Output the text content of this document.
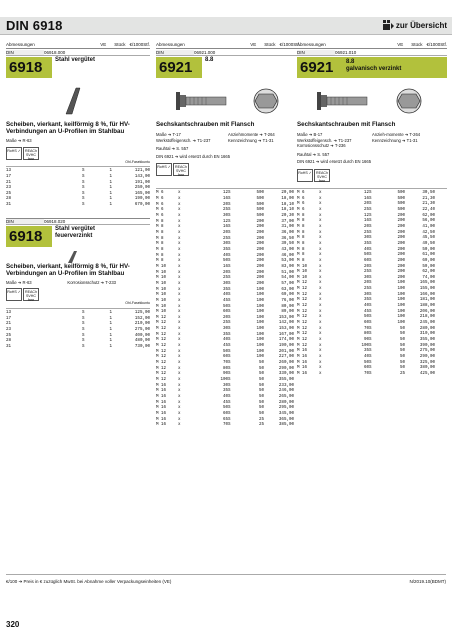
DIN 6918	zur Übersicht
Abmessungen	VE Stück €/1000Stf.
DIN	06918.000
6918	Stahl vergütet
Scheiben, vierkant, keilförmig 8 %, für HV-Verbindungen an U-Profilen im Stahlbau
Maße ➔ R-63
RoHS ✓	REACh SVHC free
Ohl-Fasekkuntu
13	S	1	121,00
17	S	1	143,00
21	S	1	191,00
23	S	1	250,00
25	S	1	165,00
28	S	1	190,00
31	S	1	670,00
DIN	06918.020
6918	Stahl vergütet feuerverzinkt
Scheiben, vierkant, keilförmig 8 %, für HV-Verbindungen an U-Profilen im Stahlbau
Maße ➔ R-63	Korrosionsschutz ➔ T-233
RoHS ✓	REACh SVHC free
Ohl-Fasekkuntu
13	S	1	125,00
17	S	1	152,00
21	S	1	210,00
23	S	1	275,00
25	S	1	400,00
28	S	1	480,00
31	S	1	730,00
Abmessungen	VE Stück €/1000Stf.
DIN	06921.000
6921	8.8
Sechskantschrauben mit Flansch
Maße ➔ T-17	Anziehmomente ➔ T-264
Werkstoffeigensch. ➔ T1-237	Kennzeichnung ➔ T1-31
Rauhtal ➔ S. 557
DIN 6921 ➔ wird ersetzt durch EN 1665
RoHS ✓	REACh SVHC free
M 6	x	12 S	500	20,00
M 6	x	16 S	500	18,00
M 6	x	20 S	500	18,10
M 6	x	25 S	500	18,10
M 6	x	30 S	500	20,30
M 8	x	12 S	200	37,00
M 8	x	16 S	200	31,00
M 8	x	20 S	200	36,00
M 8	x	25 S	200	36,50
M 8	x	30 S	200	39,50
M 8	x	35 S	200	43,00
M 8	x	40 S	200	46,00
M 8	x	50 S	200	53,00
M 10	x	16 S	200	83,00
M 10	x	20 S	200	51,00
M 10	x	25 S	200	54,00
M 10	x	30 S	200	57,00
M 10	x	35 S	100	63,00
M 10	x	40 S	100	69,00
M 10	x	45 S	100	76,00
M 10	x	50 S	100	80,00
M 10	x	60 S	100	89,00
M 12	x	20 S	100	153,00
M 12	x	25 S	100	142,00
M 12	x	30 S	100	153,00
M 12	x	35 S	100	167,00
M 12	x	40 S	100	174,00
M 12	x	45 S	100	190,00
M 12	x	50 S	100	201,00
M 12	x	60 S	100	227,00
M 12	x	70 S	50	260,00
M 12	x	80 S	50	290,00
M 12	x	90 S	50	330,00
M 12	x	100 S	50	355,00
M 16	x	30 S	50	233,00
M 16	x	35 S	50	246,00
M 16	x	40 S	50	265,00
M 16	x	45 S	50	280,00
M 16	x	50 S	50	295,00
M 16	x	60 S	50	345,00
M 16	x	65 S	25	365,00
M 16	x	70 S	25	385,00
Abmessungen	VE Stück €/1000Stf.
DIN	06921.010
6921	8.8
galvanisch verzinkt
Sechskantschrauben mit Flansch
Maße ➔ B-17	Anzieh-momente ➔ T-264
Werkstoffeigensch. ➔ T1-237	Kennzeichnung ➔ T1-31
Korrosionsschutz ➔ T-236
Rauhtal ➔ S. 557
DIN 6921 ➔ wird ersetzt durch EN 1665
RoHS ✓	REACh SVHC free
M 6	x	12 S	500	30,50
M 6	x	16 S	500	21,30
M 6	x	20 S	500	21,30
M 6	x	25 S	500	22,40
M 8	x	12 S	200	62,00
M 8	x	16 S	200	56,00
M 8	x	20 S	200	41,00
M 8	x	25 S	200	42,50
M 8	x	30 S	200	45,50
M 8	x	35 S	200	49,50
M 8	x	40 S	200	50,00
M 8	x	50 S	200	61,00
M 8	x	60 S	200	69,00
M 10	x	20 S	200	59,00
M 10	x	25 S	200	62,00
M 10	x	30 S	200	74,00
M 12	x	20 S	100	165,00
M 12	x	25 S	100	155,00
M 12	x	30 S	100	166,00
M 12	x	35 S	100	181,00
M 12	x	40 S	100	188,00
M 12	x	45 S	100	206,00
M 12	x	50 S	100	218,00
M 12	x	60 S	100	245,00
M 12	x	70 S	50	280,00
M 12	x	80 S	50	310,00
M 12	x	90 S	50	355,00
M 12	x	100 S	50	390,00
M 16	x	35 S	50	275,00
M 16	x	40 S	50	290,00
M 16	x	50 S	50	325,00
M 16	x	60 S	50	380,00
M 16	x	70 S	25	425,00
€/100 ➔ Preis in € zuzüglich MwSt. bei Abnahme voller Verpackungseinheiten (VE)	N/2019.10(BDMT)
320
